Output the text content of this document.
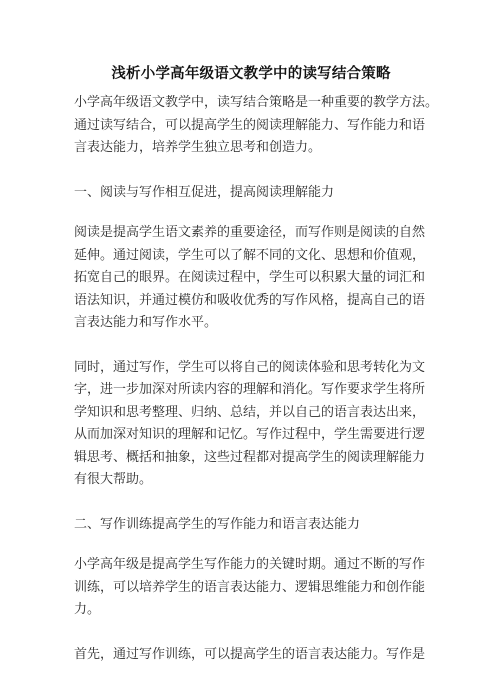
浅析小学高年级语文教学中的读写结合策略
小学高年级语文教学中，读写结合策略是一种重要的教学方法。
通过读写结合，可以提高学生的阅读理解能力、写作能力和语
言表达能力，培养学生独立思考和创造力。
一、阅读与写作相互促进，提高阅读理解能力
阅读是提高学生语文素养的重要途径，而写作则是阅读的自然
延伸。通过阅读，学生可以了解不同的文化、思想和价值观，
拓宽自己的眼界。在阅读过程中，学生可以积累大量的词汇和
语法知识，并通过模仿和吸收优秀的写作风格，提高自己的语
言表达能力和写作水平。
同时，通过写作，学生可以将自己的阅读体验和思考转化为文
字，进一步加深对所读内容的理解和消化。写作要求学生将所
学知识和思考整理、归纳、总结，并以自己的语言表达出来，
从而加深对知识的理解和记忆。写作过程中，学生需要进行逻
辑思考、概括和抽象，这些过程都对提高学生的阅读理解能力
有很大帮助。
二、写作训练提高学生的写作能力和语言表达能力
小学高年级是提高学生写作能力的关键时期。通过不断的写作
训练，可以培养学生的语言表达能力、逻辑思维能力和创作能
力。
首先，通过写作训练，可以提高学生的语言表达能力。写作是
